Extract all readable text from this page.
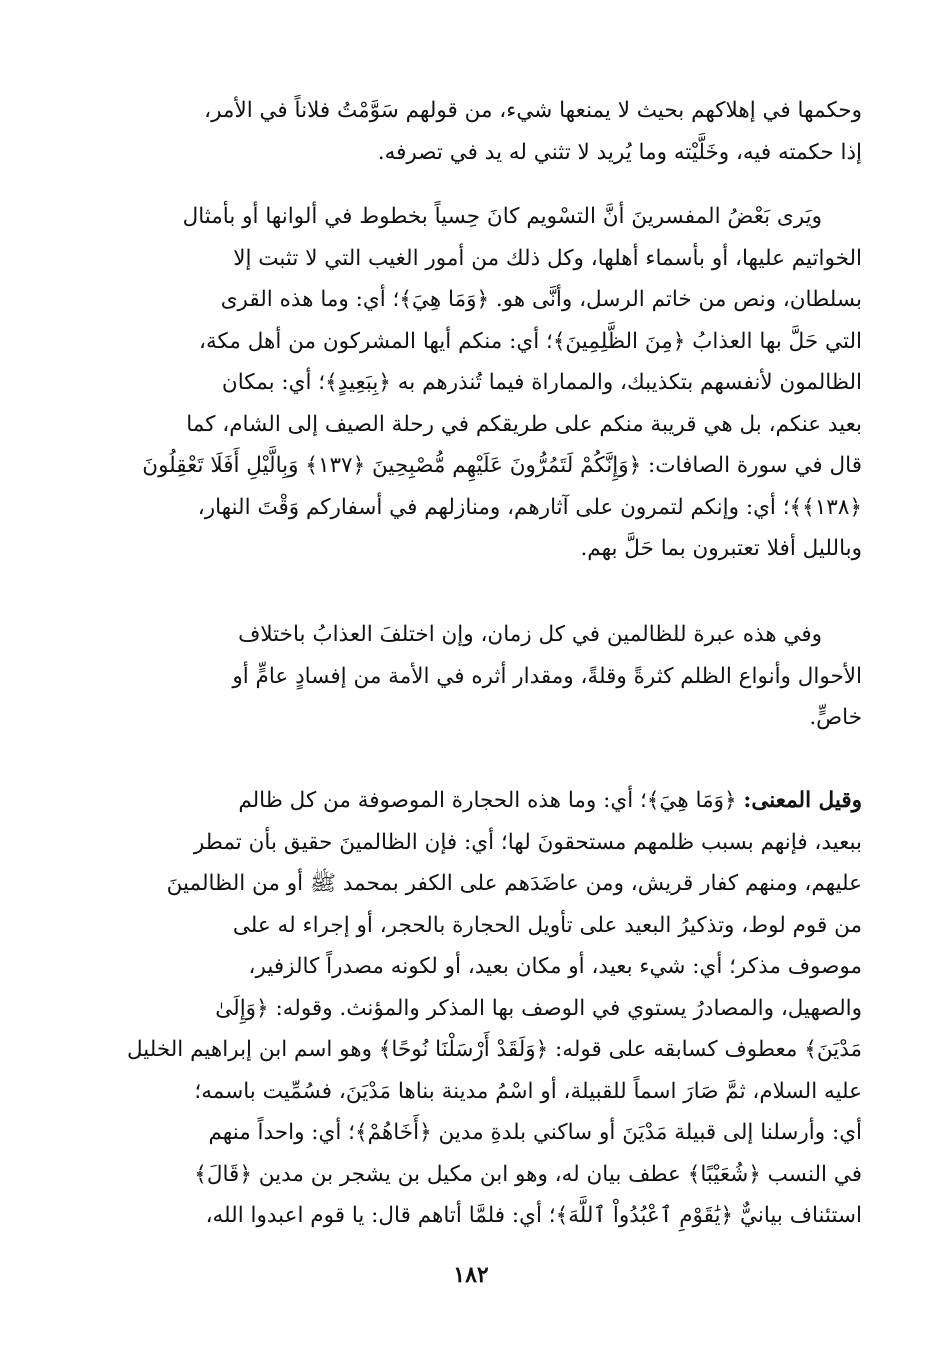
وحكمها في إهلاكهم بحيث لا يمنعها شيء، من قولهم سَوَّمْتُ فلاناً في الأمر،
إذا حكمته فيه، وخَلَّيْته وما يُريد لا تثني له يد في تصرفه.
ويَرى بَعْضُ المفسرينَ أنَّ التسْويم كانَ حِسياً بخطوط في ألوانها أو بأمثال
الخواتيم عليها، أو بأسماء أهلها، وكل ذلك من أمور الغيب التي لا تثبت إلا
بسلطان، ونص من خاتم الرسل، وأنَّى هو. ﴿وَمَا هِيَ﴾؛ أي: وما هذه القرى
التي حَلَّ بها العذابُ ﴿مِنَ الظَّلِمِينَ﴾؛ أي: منكم أيها المشركون من أهل مكة،
الظالمون لأنفسهم بتكذيبك، والمماراة فيما تُنذرهم به ﴿بِبَعِيدٍ﴾؛ أي: بمكان
بعيد عنكم، بل هي قريبة منكم على طريقكم في رحلة الصيف إلى الشام، كما
قال في سورة الصافات: ﴿وَإِنَّكُمْ لَتَمُرُّونَ عَلَيْهِم مُّصْبِحِينَ ﴿١٣٧﴾ وَبِالَّيْلِ أَفَلَا تَعْقِلُونَ
﴿١٣٨﴾﴾؛ أي: وإنكم لتمرون على آثارهم، ومنازلهم في أسفاركم وَقْتَ النهار،
وبالليل أفلا تعتبرون بما حَلَّ بهم.
وفي هذه عبرة للظالمين في كل زمان، وإن اختلفَ العذابُ باختلاف
الأحوال وأنواع الظلم كثرةً وقلةً، ومقدار أثره في الأمة من إفسادٍ عامٍّ أو
خاصٍّ.
وقيل المعنى: ﴿وَمَا هِيَ﴾؛ أي: وما هذه الحجارة الموصوفة من كل ظالم
ببعيد، فإنهم بسبب ظلمهم مستحقونَ لها؛ أي: فإن الظالمينَ حقيق بأن تمطر
عليهم، ومنهم كفار قريش، ومن عاضَدَهم على الكفر بمحمد ﷺ أو من الظالمينَ
من قوم لوط، وتذكيرُ البعيد على تأويل الحجارة بالحجر، أو إجراء له على
موصوف مذكر؛ أي: شيء بعيد، أو مكان بعيد، أو لكونه مصدراً كالزفير،
والصهيل، والمصادرُ يستوي في الوصف بها المذكر والمؤنث. وقوله: ﴿وَإِلَىٰ
مَدْيَنَ﴾ معطوف كسابقه على قوله: ﴿وَلَقَدْ أَرْسَلْنَا نُوحًا﴾ وهو اسم ابن إبراهيم الخليل
عليه السلام، ثمَّ صَارَ اسماً للقبيلة، أو اسْمُ مدينة بناها مَدْيَنَ، فسُمِّيت باسمه؛
أي: وأرسلنا إلى قبيلة مَدْيَنَ أو ساكني بلدةِ مدين ﴿أَخَاهُمْ﴾؛ أي: واحداً منهم
في النسب ﴿شُعَيْبًا﴾ عطف بيان له، وهو ابن مكيل بن يشجر بن مدين ﴿قَالَ﴾
استئناف بيانيٌّ ﴿يَٰقَوْمِ ٱعْبُدُواْ ٱللَّهَ﴾؛ أي: فلمَّا أتاهم قال: يا قوم اعبدوا الله،
١٨٢
